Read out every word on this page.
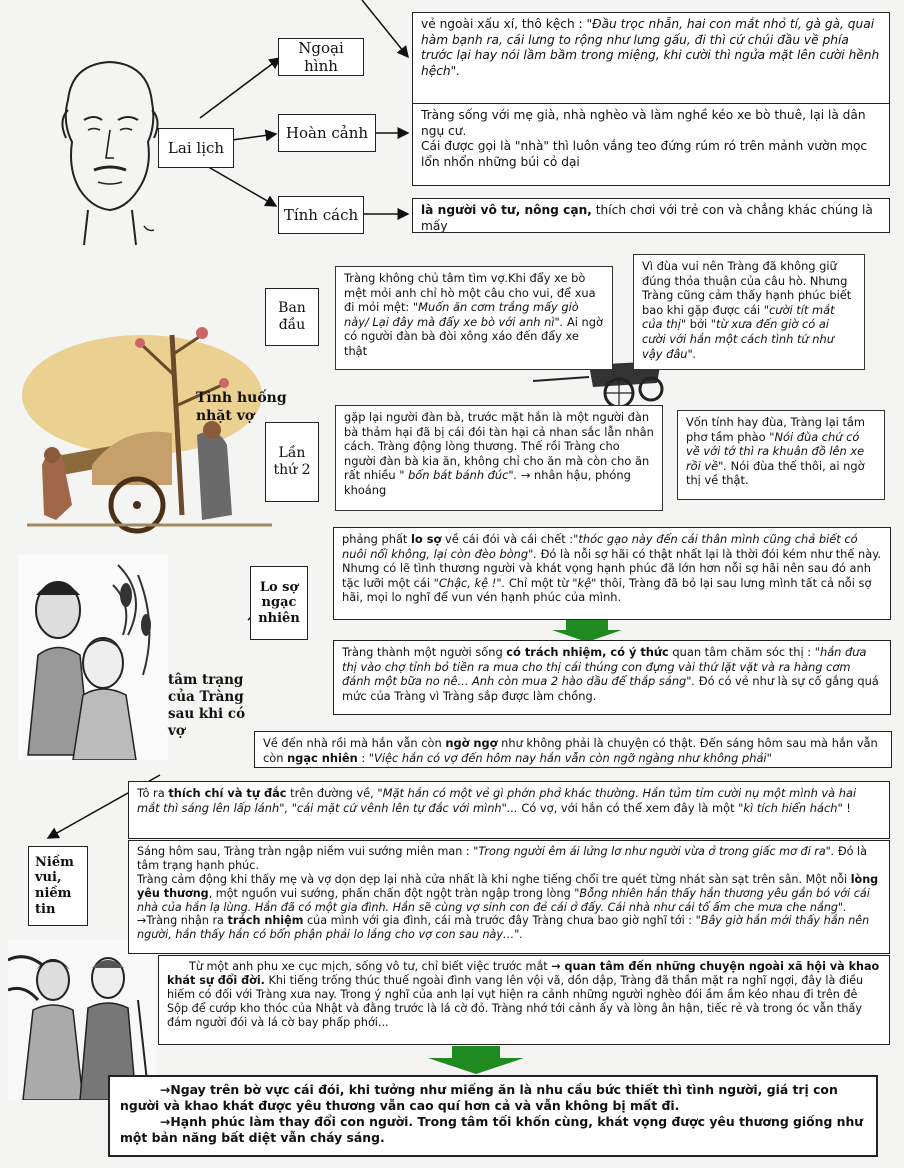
Lai lịch
Ngoại hình
Hoàn cảnh
Tính cách
vẻ ngoài xấu xí, thô kệch : "Đầu trọc nhẵn, hai con mắt nhỏ tí, gà gà, quai hàm bạnh ra, cái lưng to rộng như lưng gấu, đi thì cứ chúi đầu về phía trước lại hay nói lầm bầm trong miệng, khi cười thì ngửa mặt lên cười hềnh hệch".
Tràng sống với mẹ già, nhà nghèo và làm nghề kéo xe bò thuê, lại là dân ngụ cư.
Cái được gọi là "nhà" thì luôn vắng teo đứng rúm ró trên mảnh vườn mọc lổn nhổn những búi cỏ dại
là người vô tư, nông cạn, thích chơi với trẻ con và chẳng khác chúng là mấy
Ban đầu
Lần thứ 2
Tình huống nhặt vợ
Tràng không chủ tâm tìm vợ.Khi đẩy xe bò mệt mỏi anh chỉ hò một câu cho vui, để xua đi mỏi mệt: "Muốn ăn cơm trắng mấy giò này/ Lại đây mà đẩy xe bò với anh nì". Ai ngờ có người đàn bà đòi xông xáo đến đẩy xe thật
Vì đùa vui nên Tràng đã không giữ đúng thỏa thuận của câu hò. Nhưng Tràng cũng cảm thấy hạnh phúc biết bao khi gặp được cái "cười tít mắt của thị" bởi "từ xưa đến giờ có ai cười với hắn một cách tình tứ như vậy đâu".
gặp lại người đàn bà, trước mặt hắn là một người đàn bà thảm hại đã bị cái đói tàn hại cả nhan sắc lẫn nhân cách. Tràng động lòng thương. Thế rồi Tràng cho người đàn bà kia ăn, không chỉ cho ăn mà còn cho ăn rất nhiều " bốn bát bánh đúc". → nhân hậu, phóng khoáng
Vốn tính hay đùa, Tràng lại tầm phơ tầm phào "Nói đùa chứ có về với tớ thì ra khuân đồ lên xe rồi về". Nói đùa thế thôi, ai ngờ thị về thật.
Lo sợ ngạc nhiên
tâm trạng của Tràng sau khi có vợ
phảng phất lo sợ về cái đói và cái chết :"thóc gạo này đến cái thân mình cũng chả biết có nuôi nổi không, lại còn đèo bòng". Đó là nỗi sợ hãi có thật nhất lại là thời đói kém như thế này. Nhưng có lẽ tình thương người và khát vọng hạnh phúc đã lớn hơn nỗi sợ hãi nên sau đó anh tặc lưỡi một cái "Chậc, kệ !". Chỉ một từ "kệ" thôi, Tràng đã bỏ lại sau lưng mình tất cả nỗi sợ hãi, mọi lo nghĩ để vun vén hạnh phúc của mình.
Tràng thành một người sống có trách nhiệm, có ý thức quan tâm chăm sóc thị : "hắn đưa thị vào chợ tỉnh bỏ tiền ra mua cho thị cái thúng con đựng vài thứ lặt vặt và ra hàng cơm đánh một bữa no nê... Anh còn mua 2 hào dầu để thắp sáng". Đó có vẻ như là sự cố gắng quá mức của Tràng vì Tràng sắp được làm chồng.
Về đến nhà rồi mà hắn vẫn còn ngờ ngợ như không phải là chuyện có thật. Đến sáng hôm sau mà hắn vẫn còn ngạc nhiên : "Việc hắn có vợ đến hôm nay hắn vẫn còn ngỡ ngàng như không phải"
Niềm vui, niềm tin
Tô ra thích chí và tự đắc trên đường về, "Mặt hắn có một vẻ gì phớn phở khác thường. Hắn tủm tỉm cười nụ một mình và hai mắt thì sáng lên lấp lánh", "cái mặt cứ vênh lên tự đắc với mình"... Có vợ, với hắn có thể xem đây là một "kì tích hiển hách" !
Sáng hôm sau, Tràng tràn ngập niềm vui sướng miên man : "Trong người êm ái lửng lơ như người vừa ở trong giấc mơ đi ra". Đó là tâm trạng hạnh phúc.
Tràng cảm động khi thấy mẹ và vợ dọn dẹp lại nhà cửa nhất là khi nghe tiếng chổi tre quét từng nhát sàn sạt trên sân. Một nỗi lòng yêu thương, một nguồn vui sướng, phấn chấn đột ngột tràn ngập trong lòng "Bỗng nhiên hắn thấy hắn thương yêu gắn bó với cái nhà của hắn lạ lùng. Hắn đã có một gia đình. Hắn sẽ cùng vợ sinh con đẻ cái ở đấy. Cái nhà như cái tổ ấm che mưa che nắng". →Tràng nhận ra trách nhiệm của mình với gia đình, cái mà trước đây Tràng chưa bao giờ nghĩ tới : "Bây giờ hắn mới thấy hắn nên người, hắn thấy hắn có bổn phận phải lo lắng cho vợ con sau này…".
Từ một anh phu xe cục mịch, sống vô tư, chỉ biết việc trước mắt → quan tâm đến những chuyện ngoài xã hội và khao khát sự đổi đời. Khi tiếng trống thúc thuế ngoài đình vang lên vội vã, dồn dập, Tràng đã thần mặt ra nghĩ ngợi, đây là điều hiếm có đối với Tràng xưa nay. Trong ý nghĩ của anh lại vụt hiện ra cảnh những người nghèo đói ầm ầm kéo nhau đi trên đê Sộp để cướp kho thóc của Nhật và đằng trước là lá cờ đỏ. Tràng nhớ tới cảnh ấy và lòng ân hận, tiếc rẻ và trong óc vẫn thấy đám người đói và lá cờ bay phấp phới...
→Ngay trên bờ vực cái đói, khi tưởng như miếng ăn là nhu cầu bức thiết thì tình người, giá trị con người và khao khát được yêu thương vẫn cao quí hơn cả và vẫn không bị mất đi.
→Hạnh phúc làm thay đổi con người. Trong tâm tối khốn cùng, khát vọng được yêu thương giống như một bản năng bất diệt vẫn cháy sáng.
